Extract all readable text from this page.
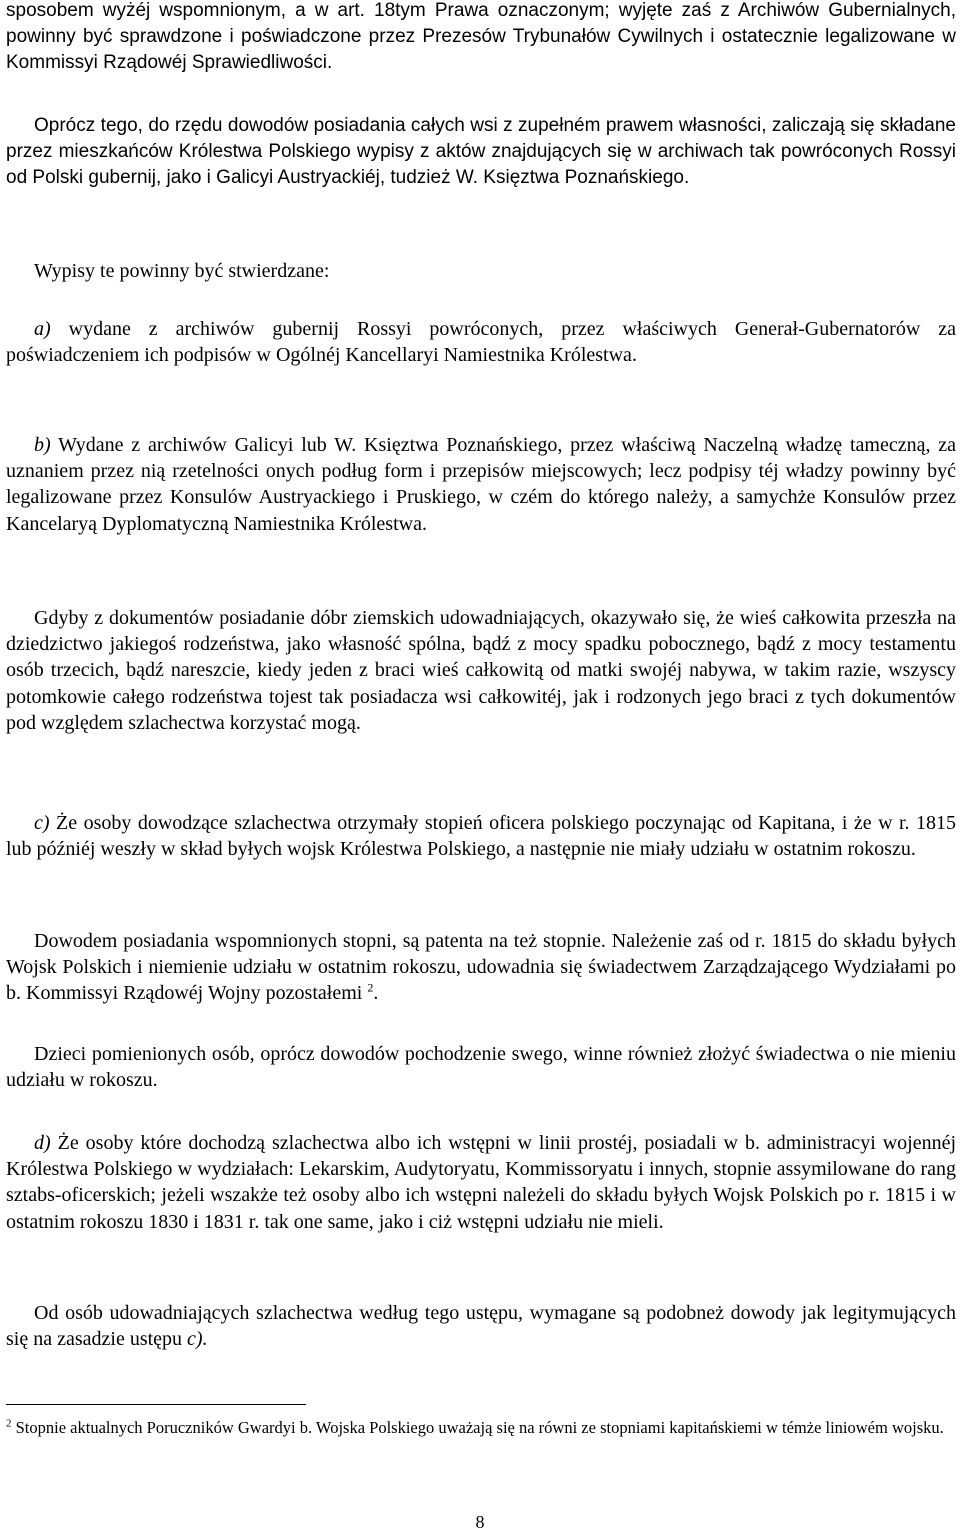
sposobem wyżéj wspomnionym, a w art. 18tym Prawa oznaczonym; wyjęte zaś z Archiwów Gubernialnych, powinny być sprawdzone i poświadczone przez Prezesów Trybunałów Cywilnych i ostatecznie legalizowane w Kommissyi Rządowéj Sprawiedliwości.

Oprócz tego, do rzędu dowodów posiadania całych wsi z zupełném prawem własności, zaliczają się składane przez mieszkańców Królestwa Polskiego wypisy z aktów znajdujących się w archiwach tak powróconych Rossyi od Polski gubernij, jako i Galicyi Austryackiéj, tudzież W. Księztwa Poznańskiego.

Wypisy te powinny być stwierdzane:

a) wydane z archiwów gubernij Rossyi powróconych, przez właściwych Generał-Gubernatorów za poświadczeniem ich podpisów w Ogólnéj Kancellaryi Namiestnika Królestwa.

b) Wydane z archiwów Galicyi lub W. Księztwa Poznańskiego, przez właściwą Naczelną władzę tameczną, za uznaniem przez nią rzetelności onych podług form i przepisów miejscowych; lecz podpisy téj władzy powinny być legalizowane przez Konsulów Austryackiego i Pruskiego, w czém do którego należy, a samychże Konsulów przez Kancelaryą Dyplomatyczną Namiestnika Królestwa.

Gdyby z dokumentów posiadanie dóbr ziemskich udowadniających, okazywało się, że wieś całkowita przeszła na dziedzictwo jakiegoś rodzeństwa, jako własność spólna, bądź z mocy spadku pobocznego, bądź z mocy testamentu osób trzecich, bądź nareszcie, kiedy jeden z braci wieś całkowitą od matki swojéj nabywa, w takim razie, wszyscy potomkowie całego rodzeństwa tojest tak posiadacza wsi całkowitéj, jak i rodzonych jego braci z tych dokumentów pod względem szlachectwa korzystać mogą.

c) Że osoby dowodzące szlachectwa otrzymały stopień oficera polskiego poczynając od Kapitana, i że w r. 1815 lub późniéj weszły w skład byłych wojsk Królestwa Polskiego, a następnie nie miały udziału w ostatnim rokoszu.

Dowodem posiadania wspomnionych stopni, są patenta na też stopnie. Należenie zaś od r. 1815 do składu byłych Wojsk Polskich i niemienie udziału w ostatnim rokoszu, udowadnia się świadectwem Zarządzającego Wydziałami po b. Kommissyi Rządowéj Wojny pozostałemi $^2$.

Dzieci pomienionych osób, oprócz dowodów pochodzenie swego, winne również złożyć świadectwa o nie mieniu udziału w rokoszu.

d) Że osoby które dochodzą szlachectwa albo ich wstępni w linii prostéj, posiadali w b. administracyi wojennéj Królestwa Polskiego w wydziałach: Lekarskim, Audytoryatu, Kommissoryatu i innych, stopnie assymilowane do rang sztabs-oficerskich; jeżeli wszakże też osoby albo ich wstępni należeli do składu byłych Wojsk Polskich po r. 1815 i w ostatnim rokoszu 1830 i 1831 r. tak one same, jako i ciż wstępni udziału nie mieli.

Od osób udowadniających szlachectwa według tego ustępu, wymagane są podobneż dowody jak legitymujących się na zasadzie ustępu c).

$^2$ Stopnie aktualnych Poruczników Gwardyi b. Wojska Polskiego uważają się na równi ze stopniami kapitańskiemi w témże liniowém wojsku.

8
